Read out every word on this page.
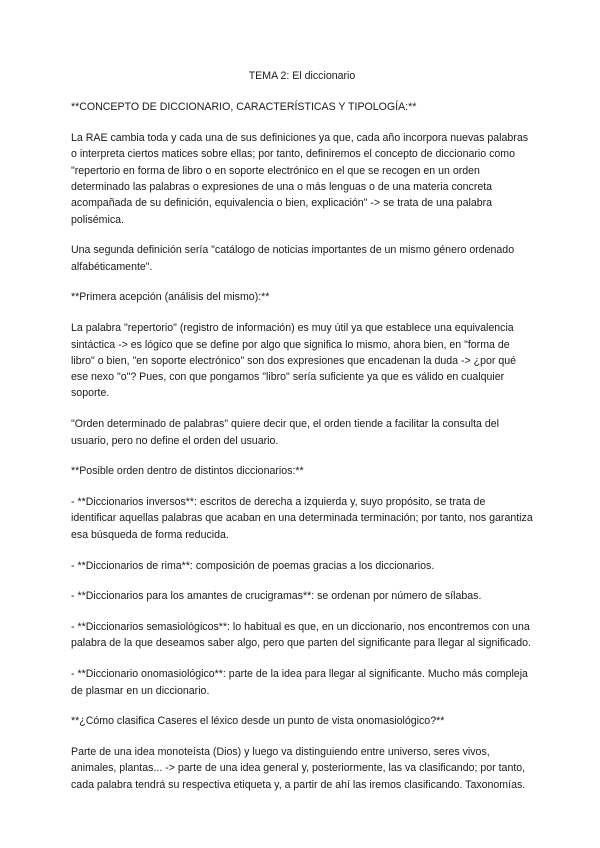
TEMA 2: El diccionario

**CONCEPTO DE DICCIONARIO, CARACTERÍSTICAS Y TIPOLOGÍA:**

La RAE cambia toda y cada una de sus definiciones ya que, cada año incorpora nuevas palabras o interpreta ciertos matices sobre ellas; por tanto, definiremos el concepto de diccionario como "repertorio en forma de libro o en soporte electrónico en el que se recogen en un orden determinado las palabras o expresiones de una o más lenguas o de una materia concreta acompañada de su definición, equivalencia o bien, explicación" -> se trata de una palabra polisémica.

Una segunda definición sería "catálogo de noticias importantes de un mismo género ordenado alfabéticamente".

**Primera acepción (análisis del mismo):**

La palabra "repertorio" (registro de información) es muy útil ya que establece una equivalencia sintáctica -> es lógico que se define por algo que significa lo mismo, ahora bien, en "forma de libro" o bien, "en soporte electrónico" son dos expresiones que encadenan la duda -> ¿por qué ese nexo "o"? Pues, con que pongamos "libro" sería suficiente ya que es válido en cualquier soporte.

"Orden determinado de palabras" quiere decir que, el orden tiende a facilitar la consulta del usuario, pero no define el orden del usuario.

**Posible orden dentro de distintos diccionarios:**

- **Diccionarios inversos**: escritos de derecha a izquierda y, suyo propósito, se trata de identificar aquellas palabras que acaban en una determinada terminación; por tanto, nos garantiza esa búsqueda de forma reducida.

- **Diccionarios de rima**: composición de poemas gracias a los diccionarios.

- **Diccionarios para los amantes de crucigramas**: se ordenan por número de sílabas.

- **Diccionarios semasiológicos**: lo habitual es que, en un diccionario, nos encontremos con una palabra de la que deseamos saber algo, pero que parten del significante para llegar al significado.

- **Diccionario onomasiológico**: parte de la idea para llegar al significante. Mucho más compleja de plasmar en un diccionario.

**¿Cómo clasifica Caseres el léxico desde un punto de vista onomasiológico?**

Parte de una idea monoteísta (Dios) y luego va distinguiendo entre universo, seres vivos, animales, plantas... -> parte de una idea general y, posteriormente, las va clasificando; por tanto, cada palabra tendrá su respectiva etiqueta y, a partir de ahí las iremos clasificando. Taxonomías.
